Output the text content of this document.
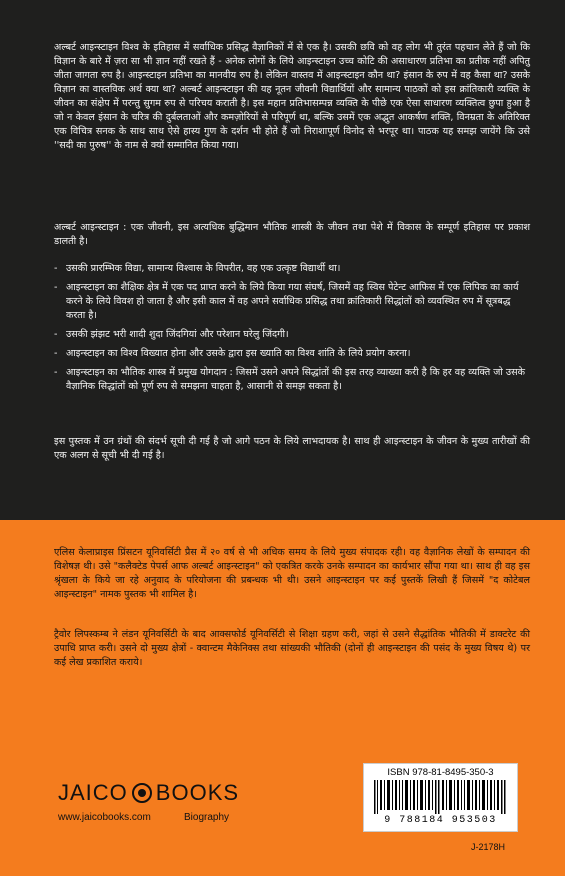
अल्बर्ट आइन्स्टाइन विश्व के इतिहास में सर्वाधिक प्रसिद्ध वैज्ञानिकों में से एक है। उसकी छवि को वह लोग भी तुरंत पहचान लेते हैं जो कि विज्ञान के बारे में ज़रा सा भी ज्ञान नहीं रखते हैं - अनेक लोगों के लिये आइन्स्टाइन उच्च कोटि की असाधारण प्रतिभा का प्रतीक नहीं अपितु जीता जागता रुप है। आइन्स्टाइन प्रतिभा का मानवीय रुप है। लेकिन वास्तव में आइन्स्टाइन कौन था? इंसान के रुप में वह कैसा था? उसके विज्ञान का वास्तविक अर्थ क्या था? अल्बर्ट आइन्स्टाइन की यह नूतन जीवनी विद्यार्थियों और सामान्य पाठकों को इस क्रांतिकारी व्यक्ति के जीवन का संक्षेप में परन्तु सुगम रुप से परिचय कराती है। इस महान प्रतिभासम्पन्न व्यक्ति के पीछे एक ऐसा साधारण व्यक्तित्व छुपा हुआ है जो न केवल इंसान के चरित्र की दुर्बलताओं और कमज़ोरियों से परिपूर्ण था, बल्कि उसमें एक अद्भुत आकर्षण शक्ति, विनम्रता के अतिरिक्त एक विचित्र सनक के साथ साथ ऐसे हास्य गुण के दर्शन भी होते हैं जो निराशापूर्ण विनोद से भरपूर था। पाठक यह समझ जायेंगे कि उसे ''सदी का पुरुष'' के नाम से क्यों सम्मानित किया गया।

अल्बर्ट आइन्स्टाइन : एक जीवनी, इस अत्यधिक बुद्धिमान भौतिक शास्त्री के जीवन तथा पेशे में विकास के सम्पूर्ण इतिहास पर प्रकाश डालती है।

- उसकी प्रारम्भिक विद्या, सामान्य विश्वास के विपरीत, वह एक उत्कृष्ट विद्यार्थी था।
- आइन्स्टाइन का शैक्षिक क्षेत्र में एक पद प्राप्त करने के लिये किया गया संघर्ष, जिसमें वह स्विस पेटेन्ट आफिस में एक लिपिक का कार्य करने के लिये विवश हो जाता है और इसी काल में वह अपने सर्वाधिक प्रसिद्ध तथा क्रांतिकारी सिद्धांतों को व्यवस्थित रुप में सूत्रबद्ध करता है।
- उसकी झंझट भरी शादी शुदा जिंदगियां और परेशान घरेलु जिंदगी।
- आइन्स्टाइन का विश्व विख्यात होना और उसके द्वारा इस ख्याति का विश्व शांति के लिये प्रयोग करना।
- आइन्स्टाइन का भौतिक शास्त्र में प्रमुख योगदान : जिसमें उसने अपने सिद्धांतों की इस तरह व्याख्या करी है कि हर वह व्यक्ति जो उसके वैज्ञानिक सिद्धांतों को पूर्ण रुप से समझना चाहता है, आसानी से समझ सकता है।

इस पुस्तक में उन ग्रंथों की संदर्भ सूची दी गई है जो आगे पठन के लिये लाभदायक है। साथ ही आइन्स्टाइन के जीवन के मुख्य तारीखों की एक अलग से सूची भी दी गई है।

एलिस केलाप्राइस प्रिंसटन यूनिवर्सिटी प्रैस में २० वर्ष से भी अधिक समय के लिये मुख्य संपादक रही। वह वैज्ञानिक लेखों के सम्पादन की विशेषज्ञ थी। उसे "कलैक्टेड पेपर्स आफ अल्बर्ट आइन्स्टाइन" को एकत्रित करके उनके सम्पादन का कार्यभार सौंपा गया था। साथ ही वह इस श्रृंखला के किये जा रहे अनुवाद के परियोजना की प्रबन्धक भी थी। उसने आइन्स्टाइन पर कई पुस्तकें लिखी हैं जिसमें "द कोटेबल आइन्स्टाइन" नामक पुस्तक भी शामिल है।

ट्रैवोर लिपस्कम्ब ने लंडन यूनिवर्सिटी के बाद आक्सफोर्ड यूनिवर्सिटी से शिक्षा ग्रहण करी, जहां से उसने सैद्धांतिक भौतिकी में डाक्टरेट की उपाधि प्राप्त करी। उसने दो मुख्य क्षेत्रों - क्वान्टम मैकेनिक्स तथा सांख्यकी भौतिकी (दोनों ही आइन्स्टाइन की पसंद के मुख्य विषय थे) पर कई लेख प्रकाशित कराये।

JAICO BOOKS
www.jaicobooks.com	Biography
ISBN 978-81-8495-350-3
9 788184 953503
J-2178H
